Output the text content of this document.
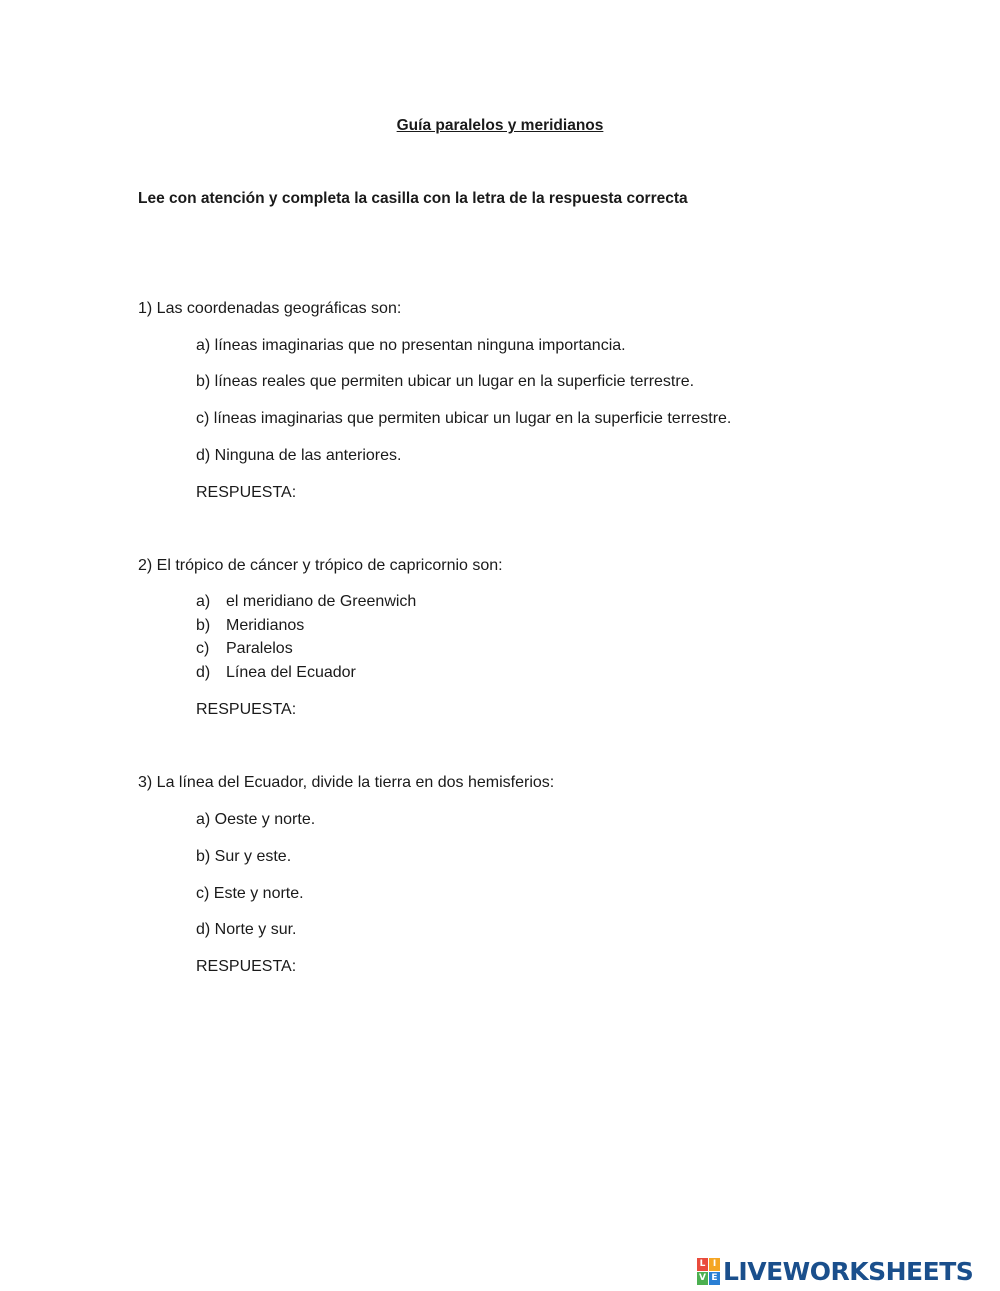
Guía paralelos y meridianos
Lee con atención y completa la casilla con la letra de la respuesta correcta
1) Las coordenadas geográficas son:
a) líneas imaginarias que no presentan ninguna importancia.
b) líneas reales que permiten ubicar un lugar en la superficie terrestre.
c) líneas imaginarias que permiten ubicar un lugar en la superficie terrestre.
d) Ninguna de las anteriores.
RESPUESTA:
2) El trópico de cáncer y trópico de capricornio son:
a) el meridiano de Greenwich
b) Meridianos
c) Paralelos
d) Línea del Ecuador
RESPUESTA:
3) La línea del Ecuador, divide la tierra en dos hemisferios:
a) Oeste y norte.
b) Sur y este.
c) Este y norte.
d) Norte y sur.
RESPUESTA:
L I
V E LIVEWORKSHEETS
